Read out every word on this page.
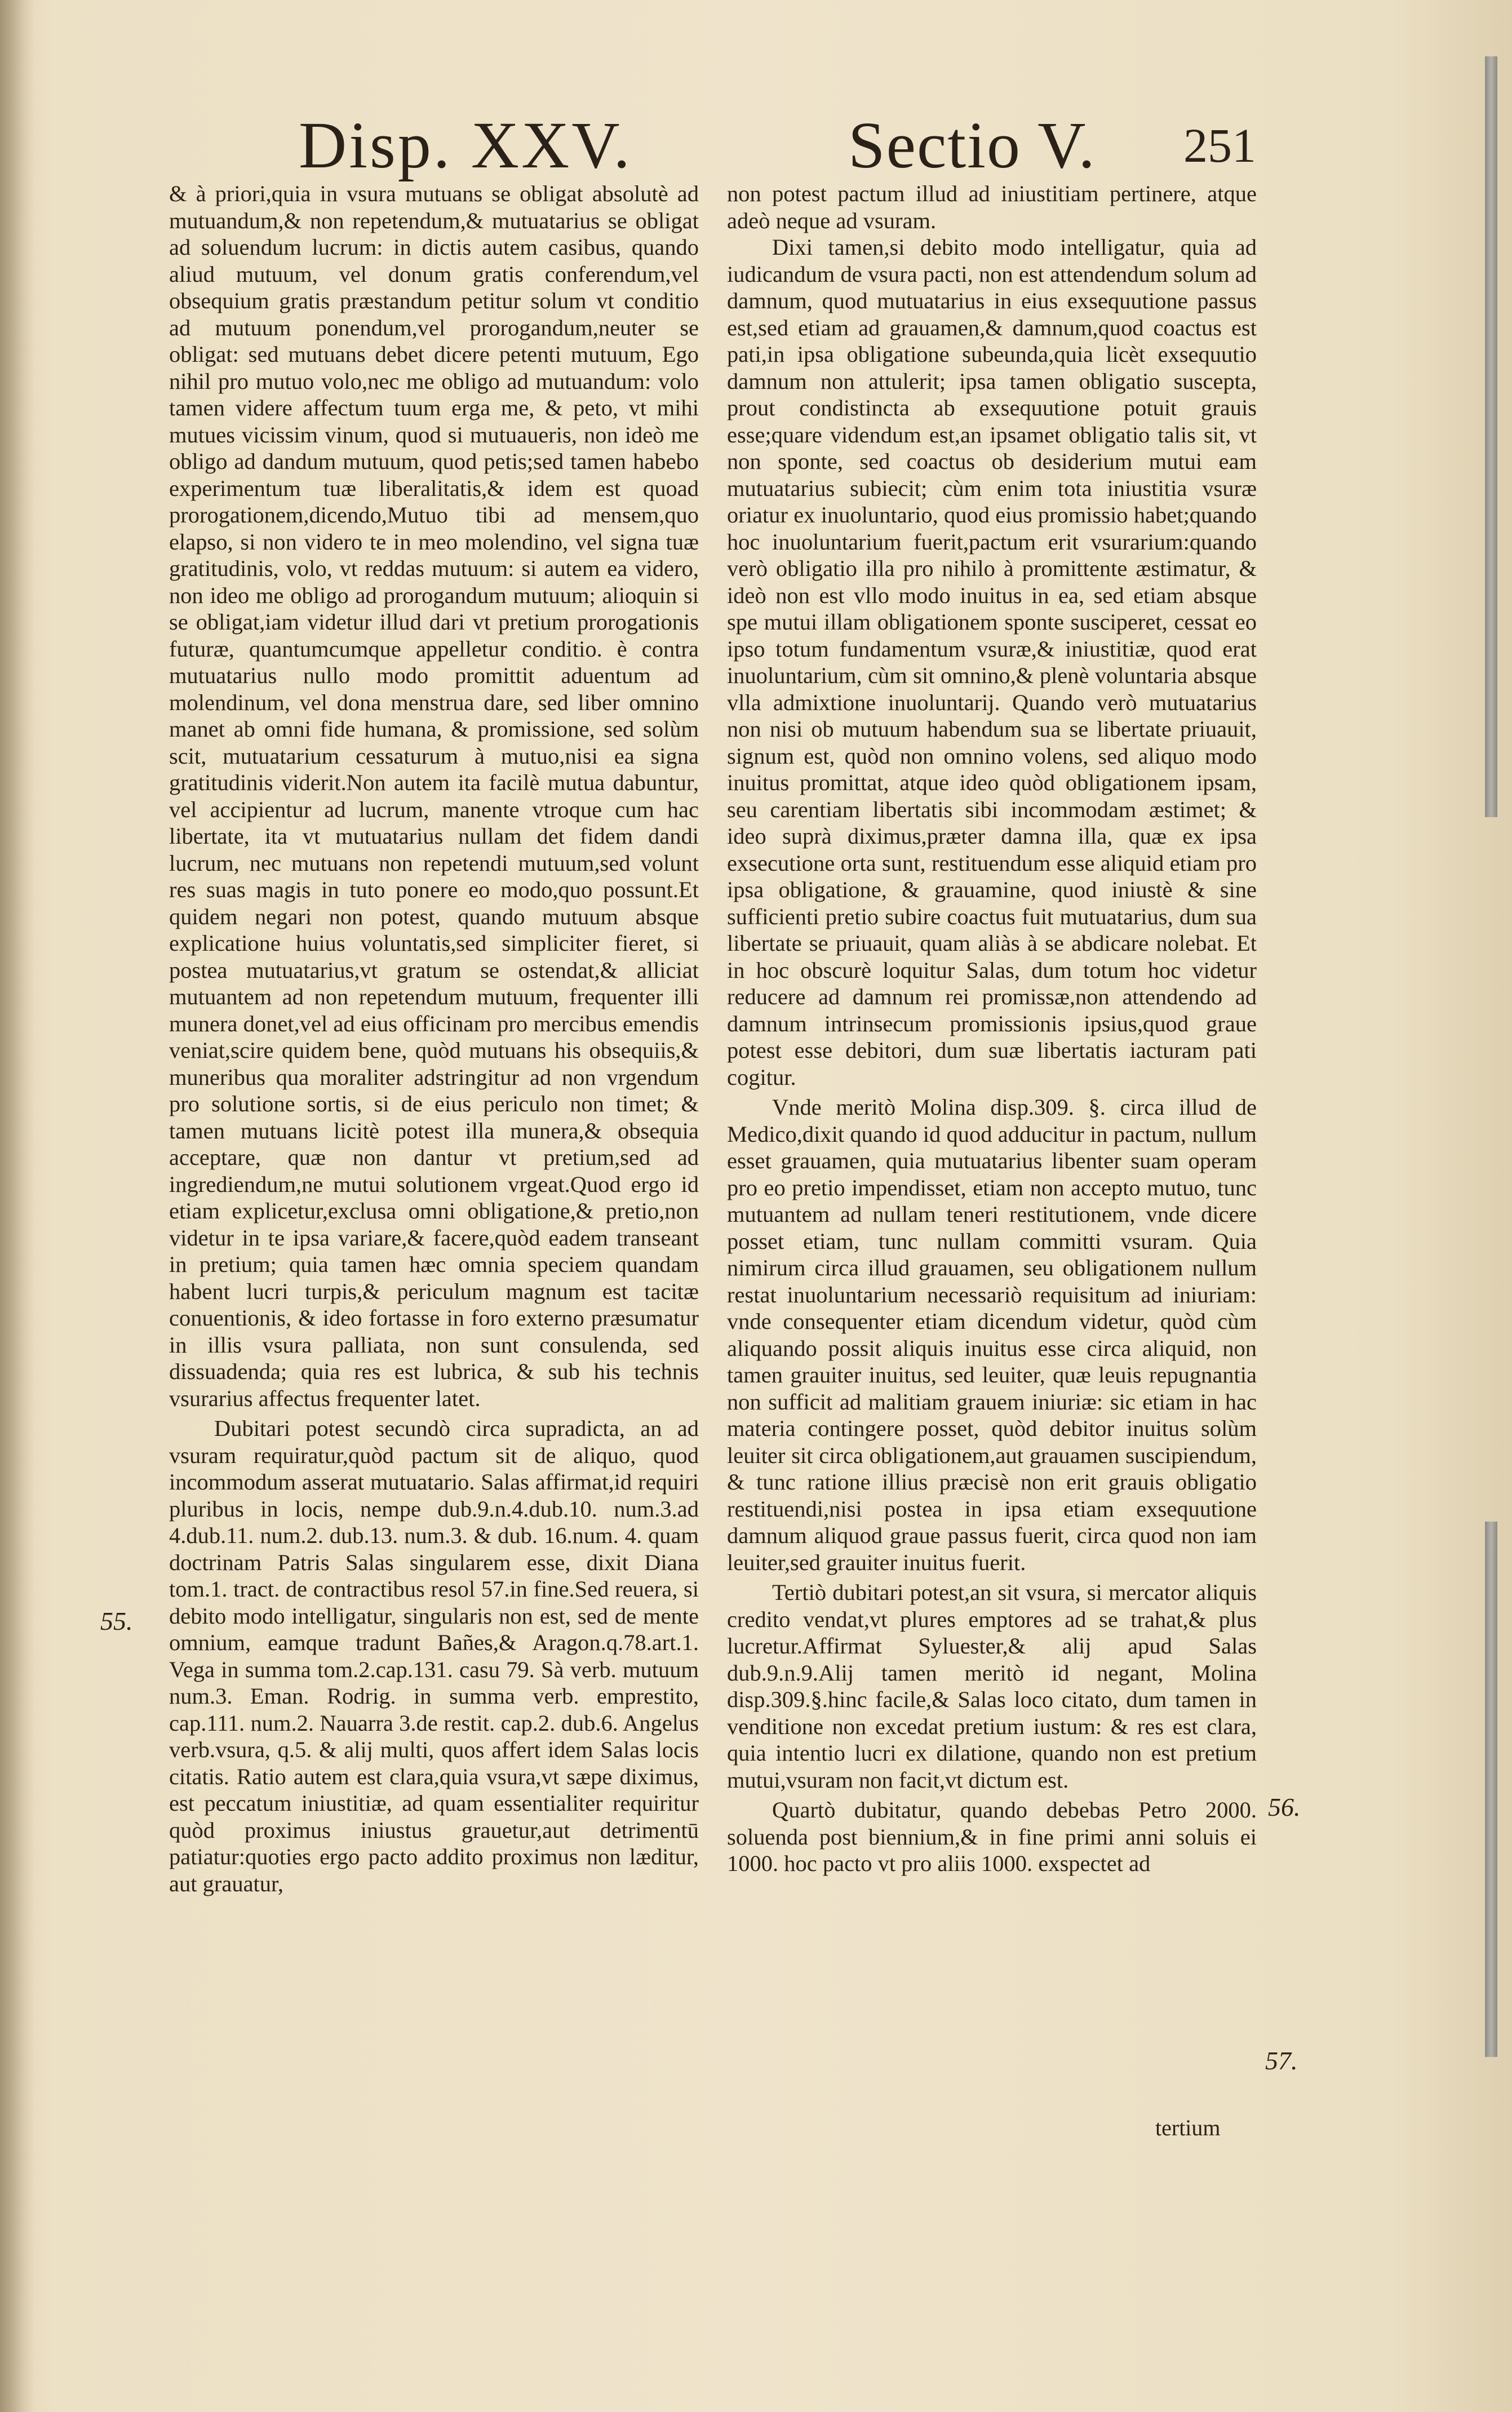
Disp. XXV.	Sectio V. 251

& à priori,quia in vsura mutuans se obligat absolutè ad mutuandum,& non repetendum,& mutuatarius se obligat ad soluendum lucrum: in dictis autem casibus, quando aliud mutuum, vel donum gratis conferendum,vel obsequium gratis præstandum petitur solum vt conditio ad mutuum ponendum,vel prorogandum,neuter se obligat: sed mutuans debet dicere petenti mutuum, Ego nihil pro mutuo volo,nec me obligo ad mutuandum: volo tamen videre affectum tuum erga me, & peto, vt mihi mutues vicissim vinum, quod si mutuaueris, non ideò me obligo ad dandum mutuum, quod petis;sed tamen habebo experimentum tuæ liberalitatis,& idem est quoad prorogationem,dicendo,Mutuo tibi ad mensem,quo elapso, si non videro te in meo molendino, vel signa tuæ gratitudinis, volo, vt reddas mutuum: si autem ea videro, non ideo me obligo ad prorogandum mutuum; alioquin si se obligat,iam videtur illud dari vt pretium prorogationis futuræ, quantumcumque appelletur conditio. è contra mutuatarius nullo modo promittit aduentum ad molendinum, vel dona menstrua dare, sed liber omnino manet ab omni fide humana, & promissione, sed solùm scit, mutuatarium cessaturum à mutuo,nisi ea signa gratitudinis viderit.Non autem ita facilè mutua dabuntur, vel accipientur ad lucrum, manente vtroque cum hac libertate, ita vt mutuatarius nullam det fidem dandi lucrum, nec mutuans non repetendi mutuum,sed volunt res suas magis in tuto ponere eo modo,quo possunt.Et quidem negari non potest, quando mutuum absque explicatione huius voluntatis,sed simpliciter fieret, si postea mutuatarius,vt gratum se ostendat,& alliciat mutuantem ad non repetendum mutuum, frequenter illi munera donet,vel ad eius officinam pro mercibus emendis veniat,scire quidem bene, quòd mutuans his obsequiis,& muneribus qua moraliter adstringitur ad non vrgendum pro solutione sortis, si de eius periculo non timet; & tamen mutuans licitè potest illa munera,& obsequia acceptare, quæ non dantur vt pretium,sed ad ingrediendum,ne mutui solutionem vrgeat.Quod ergo id etiam explicetur,exclusa omni obligatione,& pretio,non videtur in te ipsa variare,& facere,quòd eadem transeant in pretium; quia tamen hæc omnia speciem quandam habent lucri turpis,& periculum magnum est tacitæ conuentionis, & ideo fortasse in foro externo præsumatur in illis vsura palliata, non sunt consulenda, sed dissuadenda; quia res est lubrica, & sub his technis vsurarius affectus frequenter latet.

Dubitari potest secundò circa supradicta, an ad vsuram requiratur,quòd pactum sit de aliquo, quod incommodum asserat mutuatario. Salas affirmat,id requiri pluribus in locis, nempe dub.9.n.4.dub.10. num.3.ad 4.dub.11. num.2. dub.13. num.3. & dub. 16.num. 4. quam doctrinam Patris Salas singularem esse, dixit Diana tom.1. tract. de contractibus resol 57.in fine.Sed reuera, si debito modo intelligatur, singularis non est, sed de mente omnium, eamque tradunt Bañes,& Aragon.q.78.art.1. Vega in summa tom.2.cap.131. casu 79. Sà verb. mutuum num.3. Eman. Rodrig. in summa verb. emprestito, cap.111. num.2. Nauarra 3.de restit. cap.2. dub.6. Angelus verb.vsura, q.5. & alij multi, quos affert idem Salas locis citatis. Ratio autem est clara,quia vsura,vt sæpe diximus, est peccatum iniustitiæ, ad quam essentialiter requiritur quòd proximus iniustus grauetur,aut detrimentū patiatur:quoties ergo pacto addito proximus non læditur, aut grauatur,

non potest pactum illud ad iniustitiam pertinere, atque adeò neque ad vsuram.

Dixi tamen,si debito modo intelligatur, quia ad iudicandum de vsura pacti, non est attendendum solum ad damnum, quod mutuatarius in eius exsequutione passus est,sed etiam ad grauamen,& damnum,quod coactus est pati,in ipsa obligatione subeunda,quia licèt exsequutio damnum non attulerit; ipsa tamen obligatio suscepta, prout condistincta ab exsequutione potuit grauis esse;quare videndum est,an ipsamet obligatio talis sit, vt non sponte, sed coactus ob desiderium mutui eam mutuatarius subiecit; cùm enim tota iniustitia vsuræ oriatur ex inuoluntario, quod eius promissio habet;quando hoc inuoluntarium fuerit,pactum erit vsurarium:quando verò obligatio illa pro nihilo à promittente æstimatur, & ideò non est vllo modo inuitus in ea, sed etiam absque spe mutui illam obligationem sponte susciperet, cessat eo ipso totum fundamentum vsuræ,& iniustitiæ, quod erat inuoluntarium, cùm sit omnino,& plenè voluntaria absque vlla admixtione inuoluntarij. Quando verò mutuatarius non nisi ob mutuum habendum sua se libertate priuauit, signum est, quòd non omnino volens, sed aliquo modo inuitus promittat, atque ideo quòd obligationem ipsam, seu carentiam libertatis sibi incommodam æstimet; & ideo suprà diximus,præter damna illa, quæ ex ipsa exsecutione orta sunt, restituendum esse aliquid etiam pro ipsa obligatione, & grauamine, quod iniustè & sine sufficienti pretio subire coactus fuit mutuatarius, dum sua libertate se priuauit, quam aliàs à se abdicare nolebat. Et in hoc obscurè loquitur Salas, dum totum hoc videtur reducere ad damnum rei promissæ,non attendendo ad damnum intrinsecum promissionis ipsius,quod graue potest esse debitori, dum suæ libertatis iacturam pati cogitur.

Vnde meritò Molina disp.309. §. circa illud de Medico,dixit quando id quod adducitur in pactum, nullum esset grauamen, quia mutuatarius libenter suam operam pro eo pretio impendisset, etiam non accepto mutuo, tunc mutuantem ad nullam teneri restitutionem, vnde dicere posset etiam, tunc nullam committi vsuram. Quia nimirum circa illud grauamen, seu obligationem nullum restat inuoluntarium necessariò requisitum ad iniuriam: vnde consequenter etiam dicendum videtur, quòd cùm aliquando possit aliquis inuitus esse circa aliquid, non tamen grauiter inuitus, sed leuiter, quæ leuis repugnantia non sufficit ad malitiam grauem iniuriæ: sic etiam in hac materia contingere posset, quòd debitor inuitus solùm leuiter sit circa obligationem,aut grauamen suscipiendum, & tunc ratione illius præcisè non erit grauis obligatio restituendi,nisi postea in ipsa etiam exsequutione damnum aliquod graue passus fuerit, circa quod non iam leuiter,sed grauiter inuitus fuerit.

Tertiò dubitari potest,an sit vsura, si mercator aliquis credito vendat,vt plures emptores ad se trahat,& plus lucretur.Affirmat Syluester,& alij apud Salas dub.9.n.9.Alij tamen meritò id negant, Molina disp.309.§.hinc facile,& Salas loco citato, dum tamen in venditione non excedat pretium iustum: & res est clara, quia intentio lucri ex dilatione, quando non est pretium mutui,vsuram non facit,vt dictum est.

Quartò dubitatur, quando debebas Petro 2000. soluenda post biennium,& in fine primi anni soluis ei 1000. hoc pacto vt pro aliis 1000. exspectet ad

55.
56.
57.
tertium
